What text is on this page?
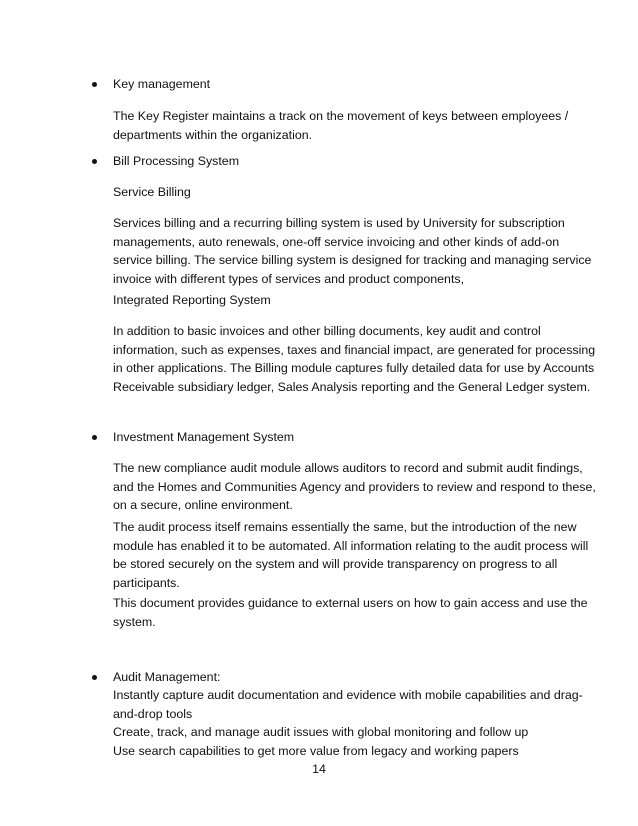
Key management
The Key Register maintains a track on the movement of keys between employees /
departments within the organization.
Bill Processing System
Service Billing
Services billing and a recurring billing system is used by University for subscription
managements, auto renewals, one-off service invoicing and other kinds of add-on
service billing. The service billing system is designed for tracking and managing service
invoice with different types of services and product components,
Integrated Reporting System
In addition to basic invoices and other billing documents, key audit and control
information, such as expenses, taxes and financial impact, are generated for processing
in other applications. The Billing module captures fully detailed data for use by Accounts
Receivable subsidiary ledger, Sales Analysis reporting and the General Ledger system.
Investment Management System
The new compliance audit module allows auditors to record and submit audit findings,
and the Homes and Communities Agency and providers to review and respond to these,
on a secure, online environment.
The audit process itself remains essentially the same, but the introduction of the new
module has enabled it to be automated. All information relating to the audit process will
be stored securely on the system and will provide transparency on progress to all
participants.
This document provides guidance to external users on how to gain access and use the
system.
Audit Management:
Instantly capture audit documentation and evidence with mobile capabilities and drag-
and-drop tools
Create, track, and manage audit issues with global monitoring and follow up
Use search capabilities to get more value from legacy and working papers
14
